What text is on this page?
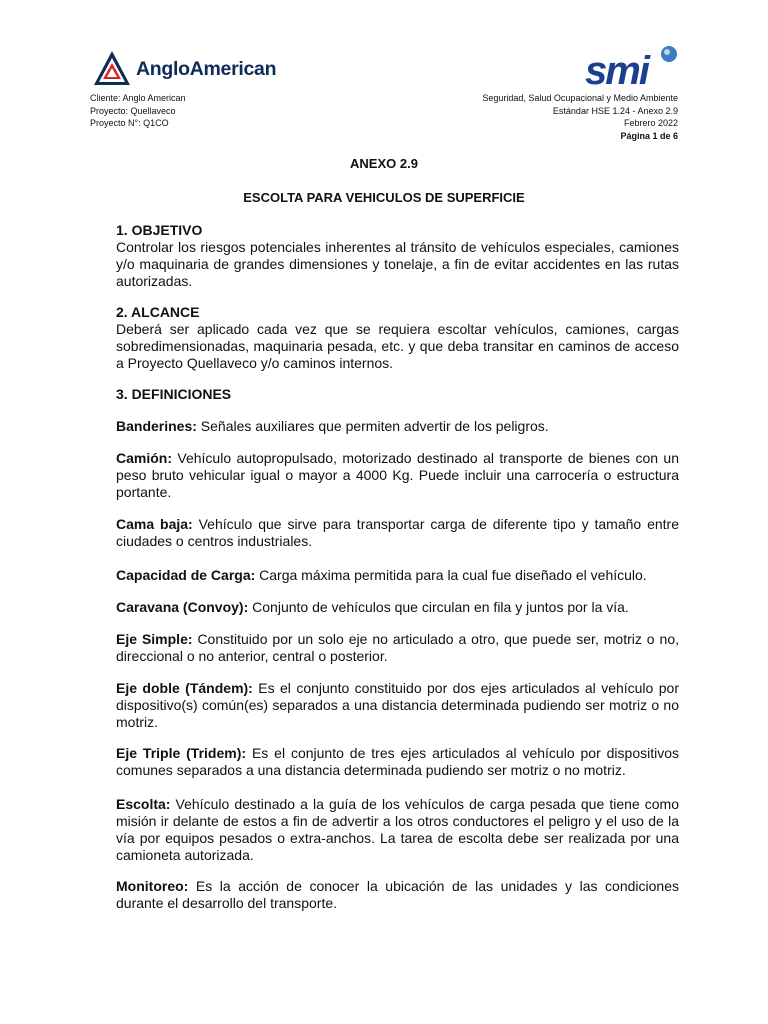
AngloAmerican	smi
Cliente: Anglo American
Proyecto: Quellaveco
Proyecto N°: Q1CO
Seguridad, Salud Ocupacional y Medio Ambiente
Estándar HSE 1.24 - Anexo 2.9
Febrero 2022
Página 1 de 6
ANEXO 2.9
ESCOLTA PARA VEHICULOS DE SUPERFICIE
1. OBJETIVO
Controlar los riesgos potenciales inherentes al tránsito de vehículos especiales, camiones y/o maquinaria de grandes dimensiones y tonelaje, a fin de evitar accidentes en las rutas autorizadas.
2. ALCANCE
Deberá ser aplicado cada vez que se requiera escoltar vehículos, camiones, cargas sobredimensionadas, maquinaria pesada, etc. y que deba transitar en caminos de acceso a Proyecto Quellaveco y/o caminos internos.
3. DEFINICIONES
Banderines: Señales auxiliares que permiten advertir de los peligros.
Camión: Vehículo autopropulsado, motorizado destinado al transporte de bienes con un peso bruto vehicular igual o mayor a 4000 Kg. Puede incluir una carrocería o estructura portante.
Cama baja: Vehículo que sirve para transportar carga de diferente tipo y tamaño entre ciudades o centros industriales.
Capacidad de Carga: Carga máxima permitida para la cual fue diseñado el vehículo.
Caravana (Convoy): Conjunto de vehículos que circulan en fila y juntos por la vía.
Eje Simple: Constituido por un solo eje no articulado a otro, que puede ser, motriz o no, direccional o no anterior, central o posterior.
Eje doble (Tándem): Es el conjunto constituido por dos ejes articulados al vehículo por dispositivo(s) común(es) separados a una distancia determinada pudiendo ser motriz o no motriz.
Eje Triple (Tridem): Es el conjunto de tres ejes articulados al vehículo por dispositivos comunes separados a una distancia determinada pudiendo ser motriz o no motriz.
Escolta: Vehículo destinado a la guía de los vehículos de carga pesada que tiene como misión ir delante de estos a fin de advertir a los otros conductores el peligro y el uso de la vía por equipos pesados o extra-anchos. La tarea de escolta debe ser realizada por una camioneta autorizada.
Monitoreo: Es la acción de conocer la ubicación de las unidades y las condiciones durante el desarrollo del transporte.
